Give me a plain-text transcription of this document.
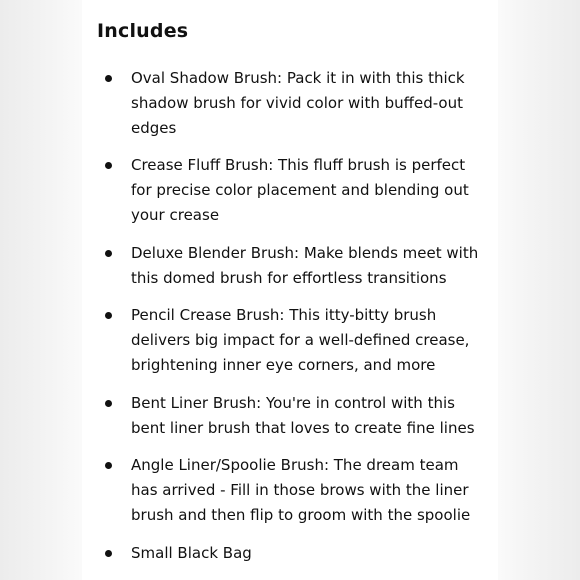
Includes
Oval Shadow Brush: Pack it in with this thick shadow brush for vivid color with buffed-out edges
Crease Fluff Brush: This fluff brush is perfect for precise color placement and blending out your crease
Deluxe Blender Brush: Make blends meet with this domed brush for effortless transitions
Pencil Crease Brush: This itty-bitty brush delivers big impact for a well-defined crease, brightening inner eye corners, and more
Bent Liner Brush: You're in control with this bent liner brush that loves to create fine lines
Angle Liner/Spoolie Brush: The dream team has arrived - Fill in those brows with the liner brush and then flip to groom with the spoolie
Small Black Bag
